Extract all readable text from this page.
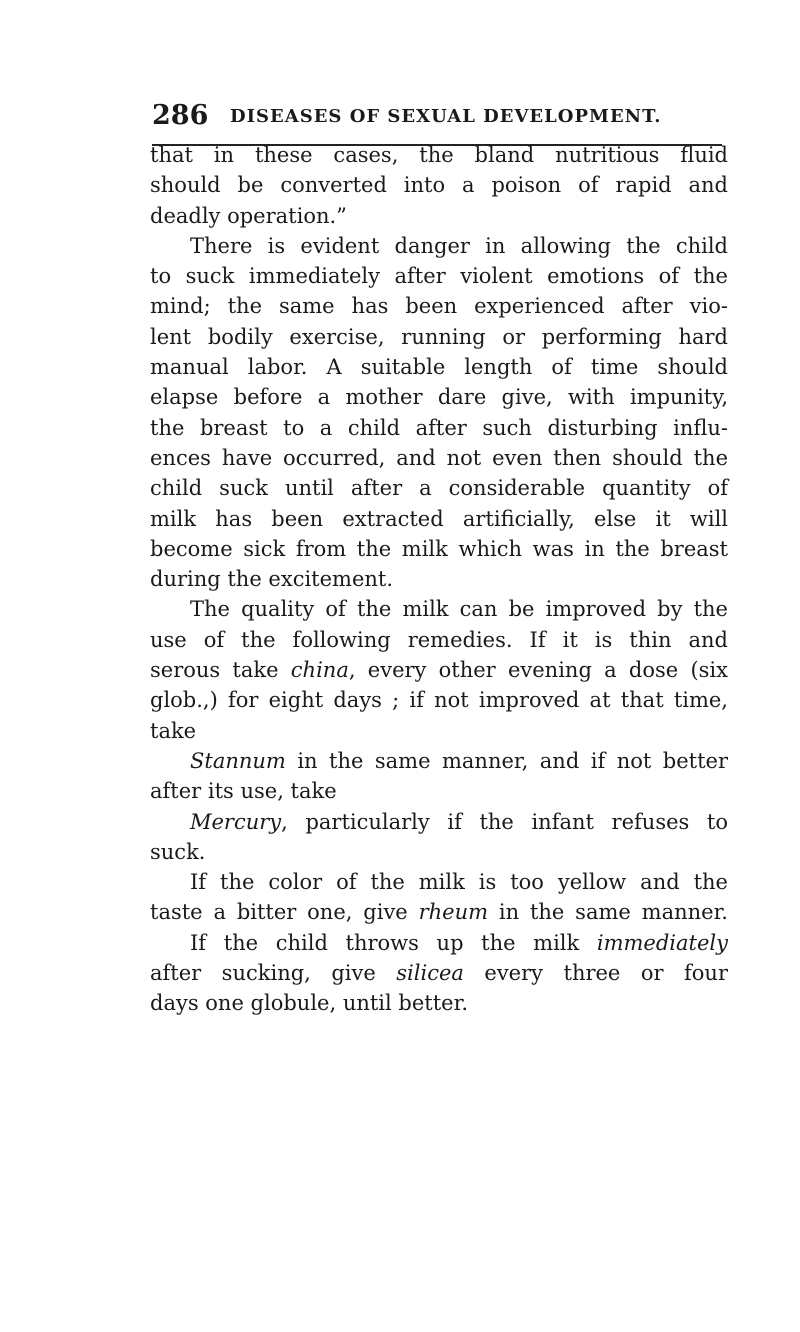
286 DISEASES OF SEXUAL DEVELOPMENT.
that in these cases, the bland nutritious fluid
should be converted into a poison of rapid and
deadly operation.”
There is evident danger in allowing the child
to suck immediately after violent emotions of the
mind; the same has been experienced after vio-
lent bodily exercise, running or performing hard
manual labor. A suitable length of time should
elapse before a mother dare give, with impunity,
the breast to a child after such disturbing influ-
ences have occurred, and not even then should the
child suck until after a considerable quantity of
milk has been extracted artificially, else it will
become sick from the milk which was in the breast
during the excitement.
The quality of the milk can be improved by the
use of the following remedies. If it is thin and
serous take china, every other evening a dose (six
glob.,) for eight days ; if not improved at that time,
take
Stannum in the same manner, and if not better
after its use, take
Mercury, particularly if the infant refuses to
suck.
If the color of the milk is too yellow and the
taste a bitter one, give rheum in the same manner.
If the child throws up the milk immediately
after sucking, give silicea every three or four
days one globule, until better.
